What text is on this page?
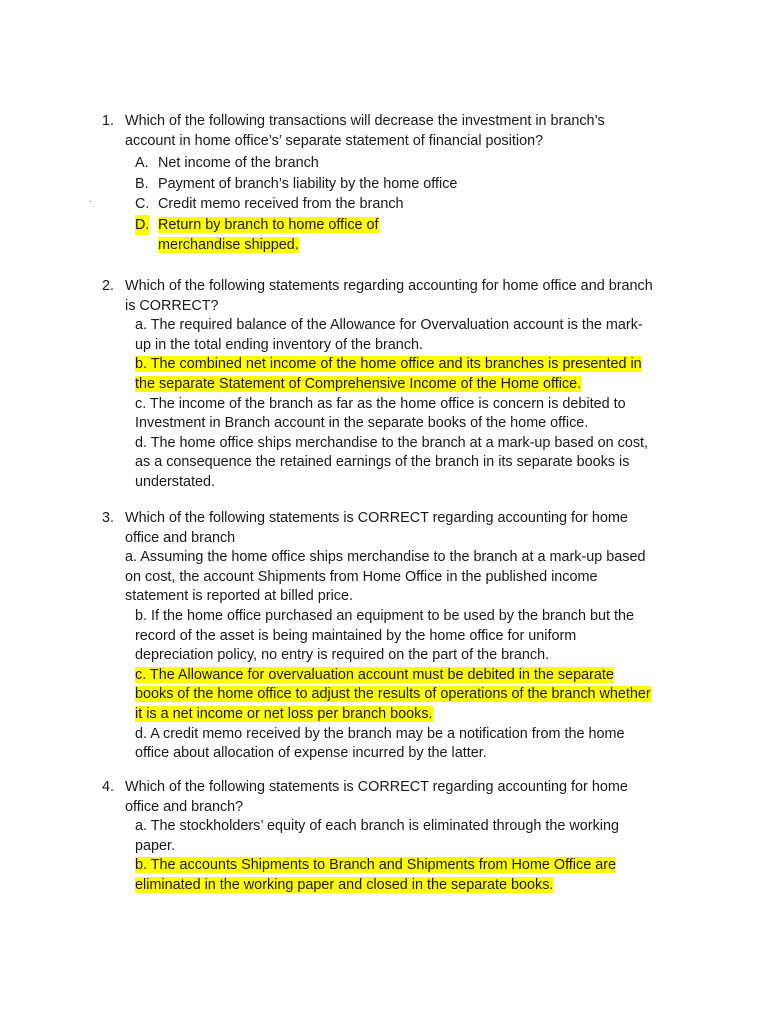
·
1. Which of the following transactions will decrease the investment in branch’s
account in home office’s’ separate statement of financial position?
A. Net income of the branch
B. Payment of branch’s liability by the home office
C. Credit memo received from the branch
D. Return by branch to home office of
merchandise shipped.
2. Which of the following statements regarding accounting for home office and branch
is CORRECT?
a. The required balance of the Allowance for Overvaluation account is the mark-
up in the total ending inventory of the branch.
b. The combined net income of the home office and its branches is presented in
the separate Statement of Comprehensive Income of the Home office.
c. The income of the branch as far as the home office is concern is debited to
Investment in Branch account in the separate books of the home office.
d. The home office ships merchandise to the branch at a mark-up based on cost,
as a consequence the retained earnings of the branch in its separate books is
understated.
3. Which of the following statements is CORRECT regarding accounting for home
office and branch
a. Assuming the home office ships merchandise to the branch at a mark-up based
on cost, the account Shipments from Home Office in the published income
statement is reported at billed price.
b. If the home office purchased an equipment to be used by the branch but the
record of the asset is being maintained by the home office for uniform
depreciation policy, no entry is required on the part of the branch.
c. The Allowance for overvaluation account must be debited in the separate
books of the home office to adjust the results of operations of the branch whether
it is a net income or net loss per branch books.
d. A credit memo received by the branch may be a notification from the home
office about allocation of expense incurred by the latter.
4. Which of the following statements is CORRECT regarding accounting for home
office and branch?
a. The stockholders’ equity of each branch is eliminated through the working
paper.
b. The accounts Shipments to Branch and Shipments from Home Office are
eliminated in the working paper and closed in the separate books.
